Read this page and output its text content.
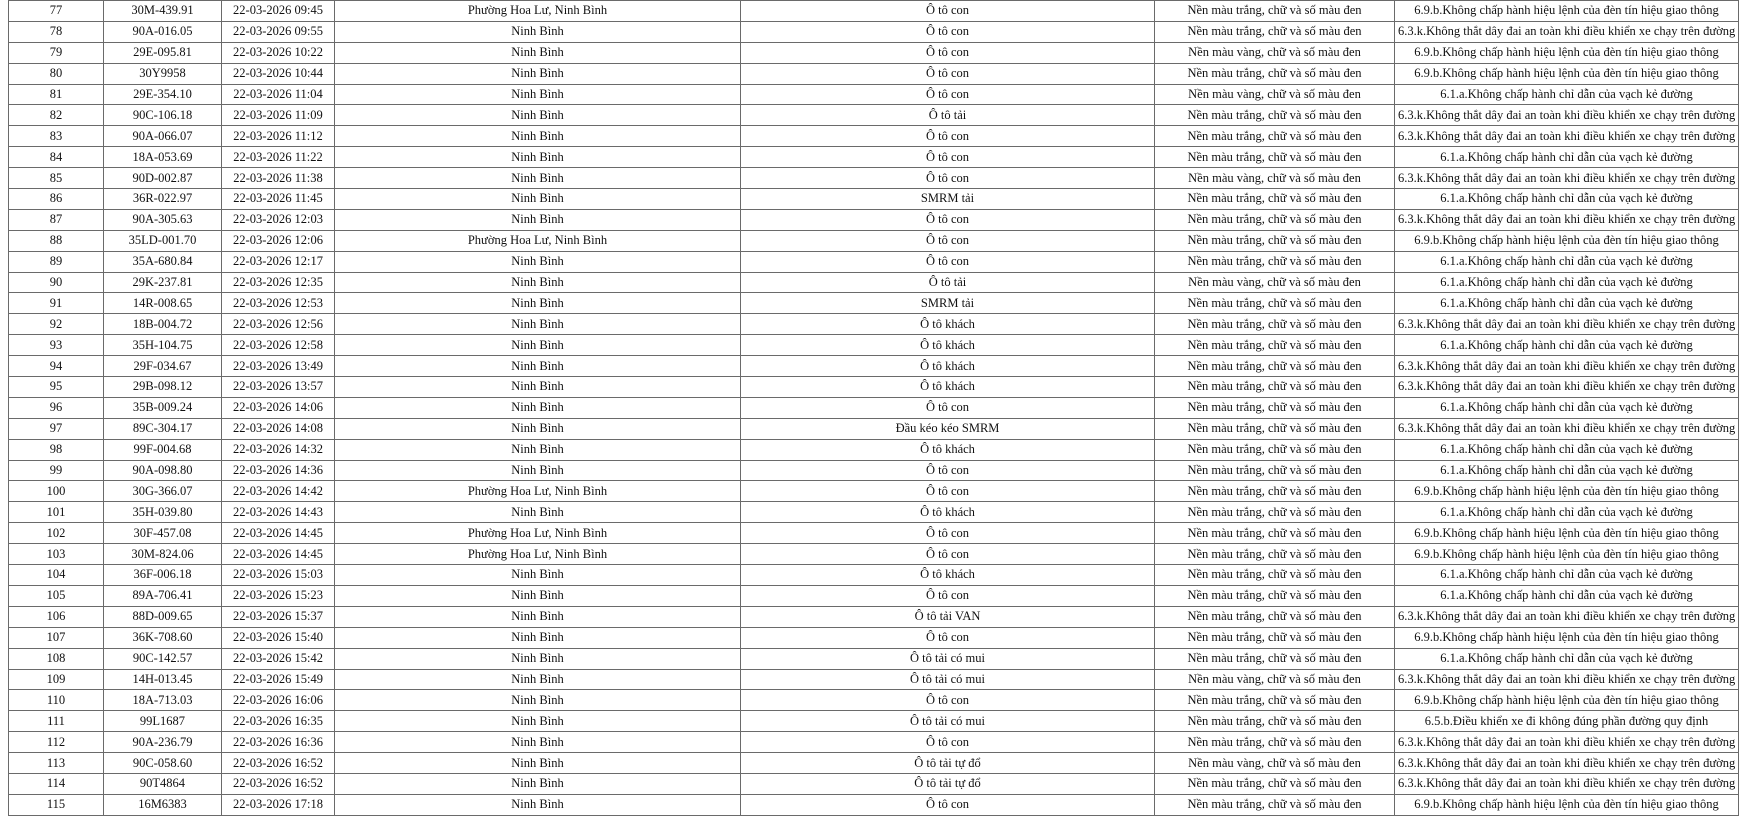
77	30M-439.91	22-03-2026 09:45	Phường Hoa Lư, Ninh Bình	Ô tô con	Nền màu trắng, chữ và số màu đen	6.9.b.Không chấp hành hiệu lệnh của đèn tín hiệu giao thông
78	90A-016.05	22-03-2026 09:55	Ninh Bình	Ô tô con	Nền màu trắng, chữ và số màu đen	6.3.k.Không thắt dây đai an toàn khi điều khiển xe chạy trên đường
79	29E-095.81	22-03-2026 10:22	Ninh Bình	Ô tô con	Nền màu vàng, chữ và số màu đen	6.9.b.Không chấp hành hiệu lệnh của đèn tín hiệu giao thông
80	30Y9958	22-03-2026 10:44	Ninh Bình	Ô tô con	Nền màu trắng, chữ và số màu đen	6.9.b.Không chấp hành hiệu lệnh của đèn tín hiệu giao thông
81	29E-354.10	22-03-2026 11:04	Ninh Bình	Ô tô con	Nền màu vàng, chữ và số màu đen	6.1.a.Không chấp hành chỉ dẫn của vạch kẻ đường
82	90C-106.18	22-03-2026 11:09	Ninh Bình	Ô tô tải	Nền màu trắng, chữ và số màu đen	6.3.k.Không thắt dây đai an toàn khi điều khiển xe chạy trên đường
83	90A-066.07	22-03-2026 11:12	Ninh Bình	Ô tô con	Nền màu trắng, chữ và số màu đen	6.3.k.Không thắt dây đai an toàn khi điều khiển xe chạy trên đường
84	18A-053.69	22-03-2026 11:22	Ninh Bình	Ô tô con	Nền màu trắng, chữ và số màu đen	6.1.a.Không chấp hành chỉ dẫn của vạch kẻ đường
85	90D-002.87	22-03-2026 11:38	Ninh Bình	Ô tô con	Nền màu vàng, chữ và số màu đen	6.3.k.Không thắt dây đai an toàn khi điều khiển xe chạy trên đường
86	36R-022.97	22-03-2026 11:45	Ninh Bình	SMRM tải	Nền màu trắng, chữ và số màu đen	6.1.a.Không chấp hành chỉ dẫn của vạch kẻ đường
87	90A-305.63	22-03-2026 12:03	Ninh Bình	Ô tô con	Nền màu trắng, chữ và số màu đen	6.3.k.Không thắt dây đai an toàn khi điều khiển xe chạy trên đường
88	35LD-001.70	22-03-2026 12:06	Phường Hoa Lư, Ninh Bình	Ô tô con	Nền màu trắng, chữ và số màu đen	6.9.b.Không chấp hành hiệu lệnh của đèn tín hiệu giao thông
89	35A-680.84	22-03-2026 12:17	Ninh Bình	Ô tô con	Nền màu trắng, chữ và số màu đen	6.1.a.Không chấp hành chỉ dẫn của vạch kẻ đường
90	29K-237.81	22-03-2026 12:35	Ninh Bình	Ô tô tải	Nền màu vàng, chữ và số màu đen	6.1.a.Không chấp hành chỉ dẫn của vạch kẻ đường
91	14R-008.65	22-03-2026 12:53	Ninh Bình	SMRM tải	Nền màu trắng, chữ và số màu đen	6.1.a.Không chấp hành chỉ dẫn của vạch kẻ đường
92	18B-004.72	22-03-2026 12:56	Ninh Bình	Ô tô khách	Nền màu trắng, chữ và số màu đen	6.3.k.Không thắt dây đai an toàn khi điều khiển xe chạy trên đường
93	35H-104.75	22-03-2026 12:58	Ninh Bình	Ô tô khách	Nền màu trắng, chữ và số màu đen	6.1.a.Không chấp hành chỉ dẫn của vạch kẻ đường
94	29F-034.67	22-03-2026 13:49	Ninh Bình	Ô tô khách	Nền màu trắng, chữ và số màu đen	6.3.k.Không thắt dây đai an toàn khi điều khiển xe chạy trên đường
95	29B-098.12	22-03-2026 13:57	Ninh Bình	Ô tô khách	Nền màu trắng, chữ và số màu đen	6.3.k.Không thắt dây đai an toàn khi điều khiển xe chạy trên đường
96	35B-009.24	22-03-2026 14:06	Ninh Bình	Ô tô con	Nền màu trắng, chữ và số màu đen	6.1.a.Không chấp hành chỉ dẫn của vạch kẻ đường
97	89C-304.17	22-03-2026 14:08	Ninh Bình	Đầu kéo kéo SMRM	Nền màu trắng, chữ và số màu đen	6.3.k.Không thắt dây đai an toàn khi điều khiển xe chạy trên đường
98	99F-004.68	22-03-2026 14:32	Ninh Bình	Ô tô khách	Nền màu trắng, chữ và số màu đen	6.1.a.Không chấp hành chỉ dẫn của vạch kẻ đường
99	90A-098.80	22-03-2026 14:36	Ninh Bình	Ô tô con	Nền màu trắng, chữ và số màu đen	6.1.a.Không chấp hành chỉ dẫn của vạch kẻ đường
100	30G-366.07	22-03-2026 14:42	Phường Hoa Lư, Ninh Bình	Ô tô con	Nền màu trắng, chữ và số màu đen	6.9.b.Không chấp hành hiệu lệnh của đèn tín hiệu giao thông
101	35H-039.80	22-03-2026 14:43	Ninh Bình	Ô tô khách	Nền màu trắng, chữ và số màu đen	6.1.a.Không chấp hành chỉ dẫn của vạch kẻ đường
102	30F-457.08	22-03-2026 14:45	Phường Hoa Lư, Ninh Bình	Ô tô con	Nền màu trắng, chữ và số màu đen	6.9.b.Không chấp hành hiệu lệnh của đèn tín hiệu giao thông
103	30M-824.06	22-03-2026 14:45	Phường Hoa Lư, Ninh Bình	Ô tô con	Nền màu trắng, chữ và số màu đen	6.9.b.Không chấp hành hiệu lệnh của đèn tín hiệu giao thông
104	36F-006.18	22-03-2026 15:03	Ninh Bình	Ô tô khách	Nền màu trắng, chữ và số màu đen	6.1.a.Không chấp hành chỉ dẫn của vạch kẻ đường
105	89A-706.41	22-03-2026 15:23	Ninh Bình	Ô tô con	Nền màu trắng, chữ và số màu đen	6.1.a.Không chấp hành chỉ dẫn của vạch kẻ đường
106	88D-009.65	22-03-2026 15:37	Ninh Bình	Ô tô tải VAN	Nền màu trắng, chữ và số màu đen	6.3.k.Không thắt dây đai an toàn khi điều khiển xe chạy trên đường
107	36K-708.60	22-03-2026 15:40	Ninh Bình	Ô tô con	Nền màu trắng, chữ và số màu đen	6.9.b.Không chấp hành hiệu lệnh của đèn tín hiệu giao thông
108	90C-142.57	22-03-2026 15:42	Ninh Bình	Ô tô tải có mui	Nền màu trắng, chữ và số màu đen	6.1.a.Không chấp hành chỉ dẫn của vạch kẻ đường
109	14H-013.45	22-03-2026 15:49	Ninh Bình	Ô tô tải có mui	Nền màu vàng, chữ và số màu đen	6.3.k.Không thắt dây đai an toàn khi điều khiển xe chạy trên đường
110	18A-713.03	22-03-2026 16:06	Ninh Bình	Ô tô con	Nền màu trắng, chữ và số màu đen	6.9.b.Không chấp hành hiệu lệnh của đèn tín hiệu giao thông
111	99L1687	22-03-2026 16:35	Ninh Bình	Ô tô tải có mui	Nền màu trắng, chữ và số màu đen	6.5.b.Điều khiển xe đi không đúng phần đường quy định
112	90A-236.79	22-03-2026 16:36	Ninh Bình	Ô tô con	Nền màu trắng, chữ và số màu đen	6.3.k.Không thắt dây đai an toàn khi điều khiển xe chạy trên đường
113	90C-058.60	22-03-2026 16:52	Ninh Bình	Ô tô tải tự đổ	Nền màu vàng, chữ và số màu đen	6.3.k.Không thắt dây đai an toàn khi điều khiển xe chạy trên đường
114	90T4864	22-03-2026 16:52	Ninh Bình	Ô tô tải tự đổ	Nền màu trắng, chữ và số màu đen	6.3.k.Không thắt dây đai an toàn khi điều khiển xe chạy trên đường
115	16M6383	22-03-2026 17:18	Ninh Bình	Ô tô con	Nền màu trắng, chữ và số màu đen	6.9.b.Không chấp hành hiệu lệnh của đèn tín hiệu giao thông
